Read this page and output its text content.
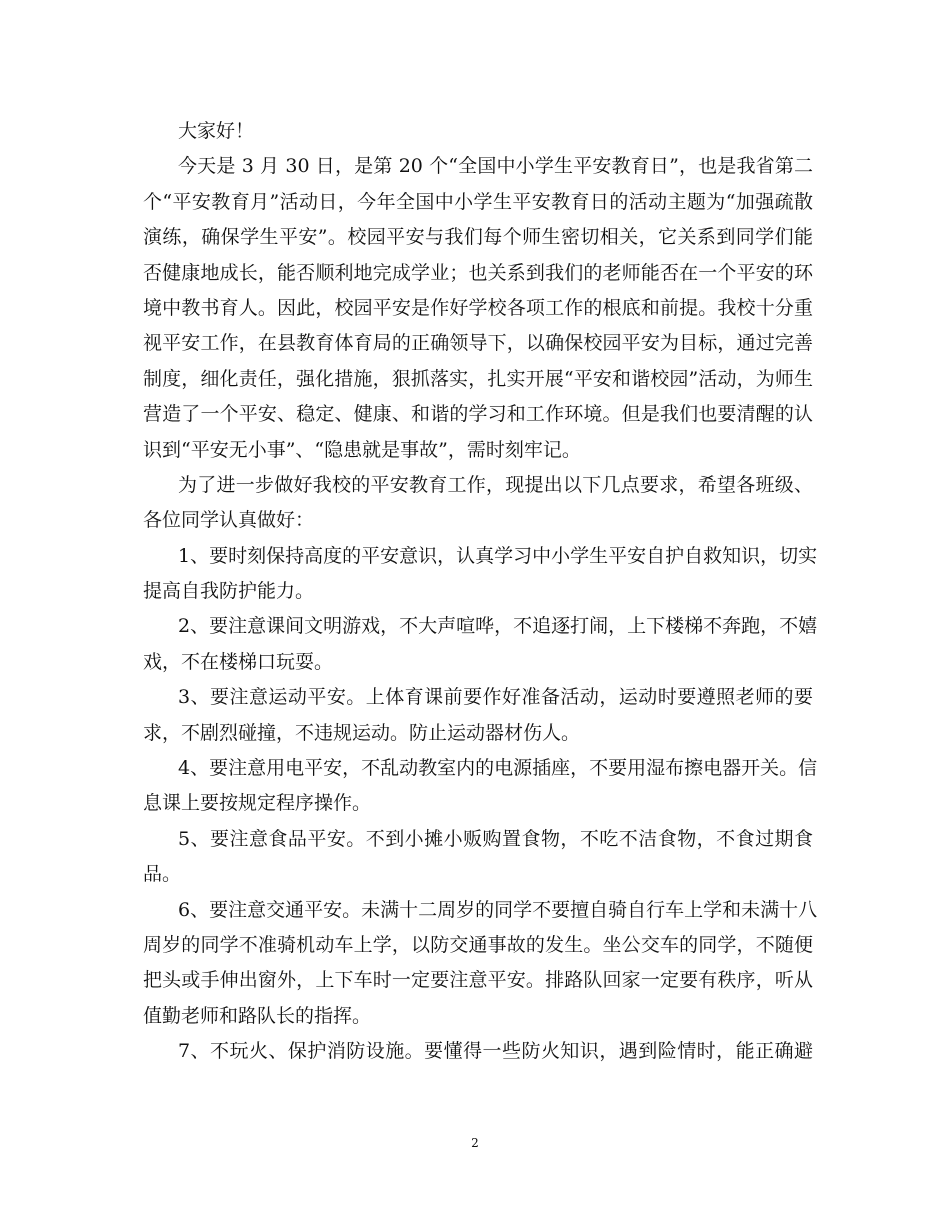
大家好！
今天是 3 月 30 日，是第 20 个“全国中小学生平安教育日”，也是我省第二
个“平安教育月”活动日，今年全国中小学生平安教育日的活动主题为“加强疏散
演练，确保学生平安”。校园平安与我们每个师生密切相关，它关系到同学们能
否健康地成长，能否顺利地完成学业；也关系到我们的老师能否在一个平安的环
境中教书育人。因此，校园平安是作好学校各项工作的根底和前提。我校十分重
视平安工作，在县教育体育局的正确领导下，以确保校园平安为目标，通过完善
制度，细化责任，强化措施，狠抓落实，扎实开展“平安和谐校园”活动，为师生
营造了一个平安、稳定、健康、和谐的学习和工作环境。但是我们也要清醒的认
识到“平安无小事”、“隐患就是事故”，需时刻牢记。
为了进一步做好我校的平安教育工作，现提出以下几点要求，希望各班级、
各位同学认真做好：
1、要时刻保持高度的平安意识，认真学习中小学生平安自护自救知识，切实
提高自我防护能力。
2、要注意课间文明游戏，不大声喧哗，不追逐打闹，上下楼梯不奔跑，不嬉
戏，不在楼梯口玩耍。
3、要注意运动平安。上体育课前要作好准备活动，运动时要遵照老师的要
求，不剧烈碰撞，不违规运动。防止运动器材伤人。
4、要注意用电平安，不乱动教室内的电源插座，不要用湿布擦电器开关。信
息课上要按规定程序操作。
5、要注意食品平安。不到小摊小贩购置食物，不吃不洁食物，不食过期食
品。
6、要注意交通平安。未满十二周岁的同学不要擅自骑自行车上学和未满十八
周岁的同学不准骑机动车上学，以防交通事故的发生。坐公交车的同学，不随便
把头或手伸出窗外，上下车时一定要注意平安。排路队回家一定要有秩序，听从
值勤老师和路队长的指挥。
7、不玩火、保护消防设施。要懂得一些防火知识，遇到险情时，能正确避
2
